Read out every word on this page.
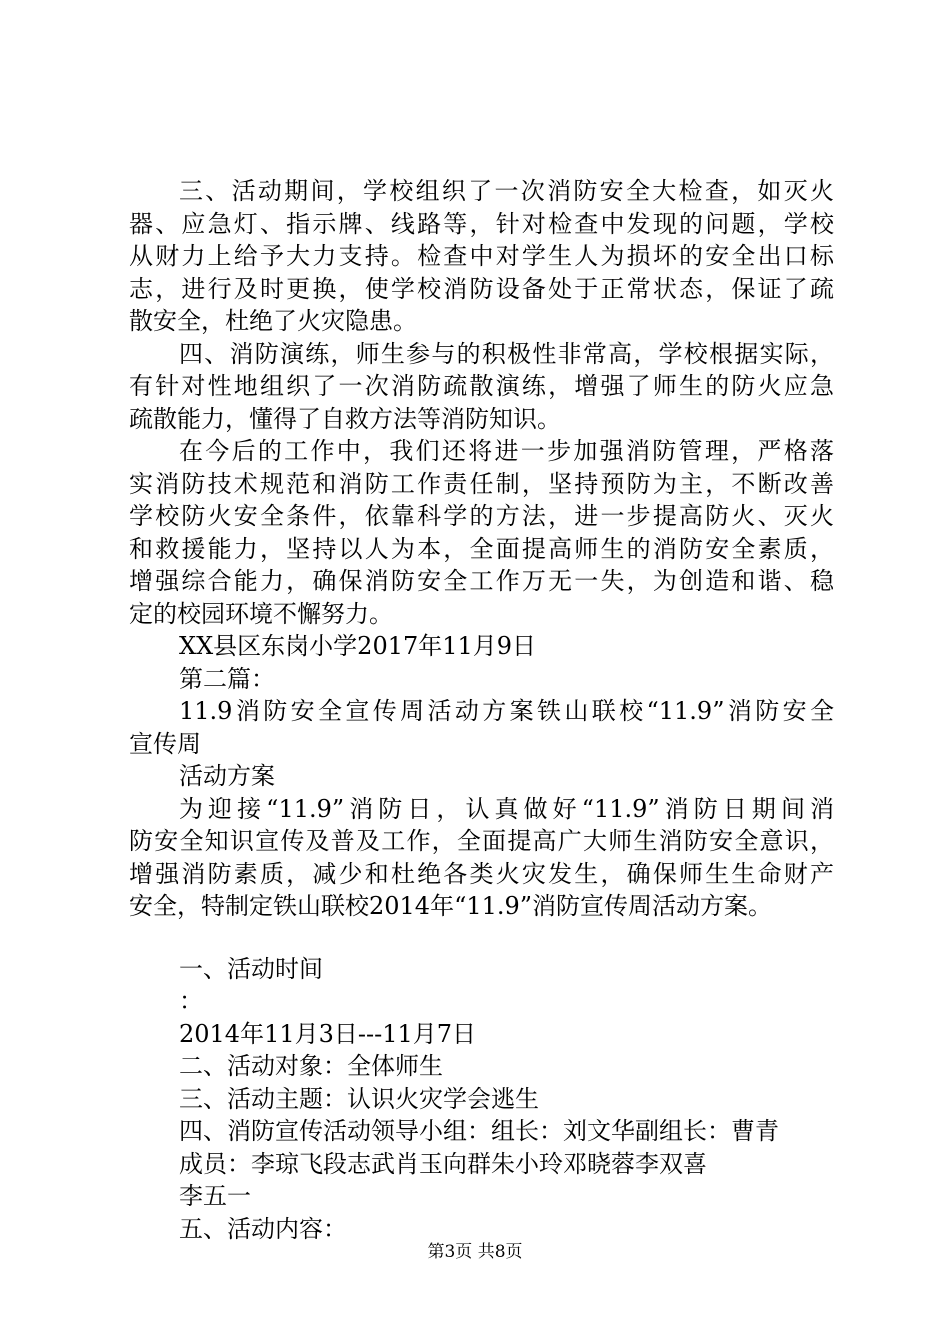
三、活动期间，学校组织了一次消防安全大检查，如灭火
器、应急灯、指示牌、线路等，针对检查中发现的问题，学校
从财力上给予大力支持。检查中对学生人为损坏的安全出口标
志，进行及时更换，使学校消防设备处于正常状态，保证了疏
散安全，杜绝了火灾隐患。
四、消防演练，师生参与的积极性非常高，学校根据实际，
有针对性地组织了一次消防疏散演练，增强了师生的防火应急
疏散能力，懂得了自救方法等消防知识。
在今后的工作中，我们还将进一步加强消防管理，严格落
实消防技术规范和消防工作责任制，坚持预防为主，不断改善
学校防火安全条件，依靠科学的方法，进一步提高防火、灭火
和救援能力，坚持以人为本，全面提高师生的消防安全素质，
增强综合能力，确保消防安全工作万无一失，为创造和谐、稳
定的校园环境不懈努力。
XX县区东岗小学2017年11月9日
第二篇：
11.9消防安全宣传周活动方案铁山联校“11.9”消防安全
宣传周
活动方案
为迎接“11.9”消防日，认真做好“11.9”消防日期间消
防安全知识宣传及普及工作，全面提高广大师生消防安全意识，
增强消防素质，减少和杜绝各类火灾发生，确保师生生命财产
安全，特制定铁山联校2014年“11.9”消防宣传周活动方案。
一、活动时间
：
2014年11月3日---11月7日
二、活动对象：全体师生
三、活动主题：认识火灾学会逃生
四、消防宣传活动领导小组：组长：刘文华副组长：曹青
成员：李琼飞段志武肖玉向群朱小玲邓晓蓉李双喜
李五一
五、活动内容：
第3页 共8页
